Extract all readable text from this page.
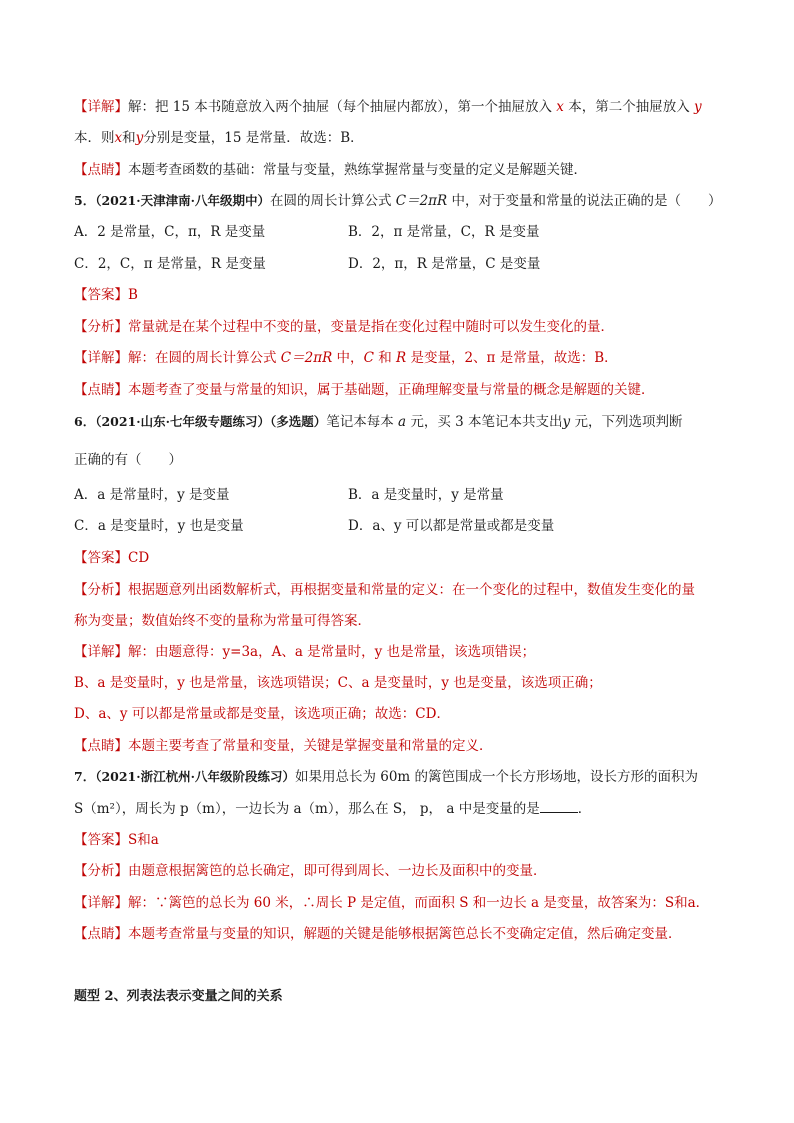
【详解】解：把 15 本书随意放入两个抽屉（每个抽屉内都放），第一个抽屉放入 x 本，第二个抽屉放入 y
本．则x和y分别是变量，15 是常量．故选：B．
【点睛】本题考查函数的基础：常量与变量，熟练掌握常量与变量的定义是解题关键．
5．（2021·天津津南·八年级期中）在圆的周长计算公式 C＝2πR 中，对于变量和常量的说法正确的是（　　）
A．2 是常量，C，π，R 是变量	B．2，π 是常量，C，R 是变量
C．2，C，π 是常量，R 是变量	D．2，π，R 是常量，C 是变量
【答案】B
【分析】常量就是在某个过程中不变的量，变量是指在变化过程中随时可以发生变化的量．
【详解】解：在圆的周长计算公式 C＝2πR 中，C 和 R 是变量，2、π 是常量，故选：B．
【点睛】本题考查了变量与常量的知识，属于基础题，正确理解变量与常量的概念是解题的关键．
6．（2021·山东·七年级专题练习）（多选题）笔记本每本 a 元，买 3 本笔记本共支出y 元，下列选项判断
正确的有（　　）
A．a 是常量时，y 是变量	B．a 是变量时，y 是常量
C．a 是变量时，y 也是变量	D．a、y 可以都是常量或都是变量
【答案】CD
【分析】根据题意列出函数解析式，再根据变量和常量的定义：在一个变化的过程中，数值发生变化的量
称为变量；数值始终不变的量称为常量可得答案．
【详解】解：由题意得：y=3a，A、a 是常量时，y 也是常量，该选项错误；
B、a 是变量时，y 也是常量，该选项错误；C、a 是变量时，y 也是变量，该选项正确；
D、a、y 可以都是常量或都是变量，该选项正确；故选：CD．
【点睛】本题主要考查了常量和变量，关键是掌握变量和常量的定义．
7．（2021·浙江杭州·八年级阶段练习）如果用总长为 60m 的篱笆围成一个长方形场地，设长方形的面积为
S（m²），周长为 p（m），一边长为 a（m），那么在 S， p， a 中是变量的是	．
【答案】S和a
【分析】由题意根据篱笆的总长确定，即可得到周长、一边长及面积中的变量．
【详解】解：∵篱笆的总长为 60 米，∴周长 P 是定值，而面积 S 和一边长 a 是变量，故答案为：S和a．
【点睛】本题考查常量与变量的知识，解题的关键是能够根据篱笆总长不变确定定值，然后确定变量．
题型 2、列表法表示变量之间的关系
